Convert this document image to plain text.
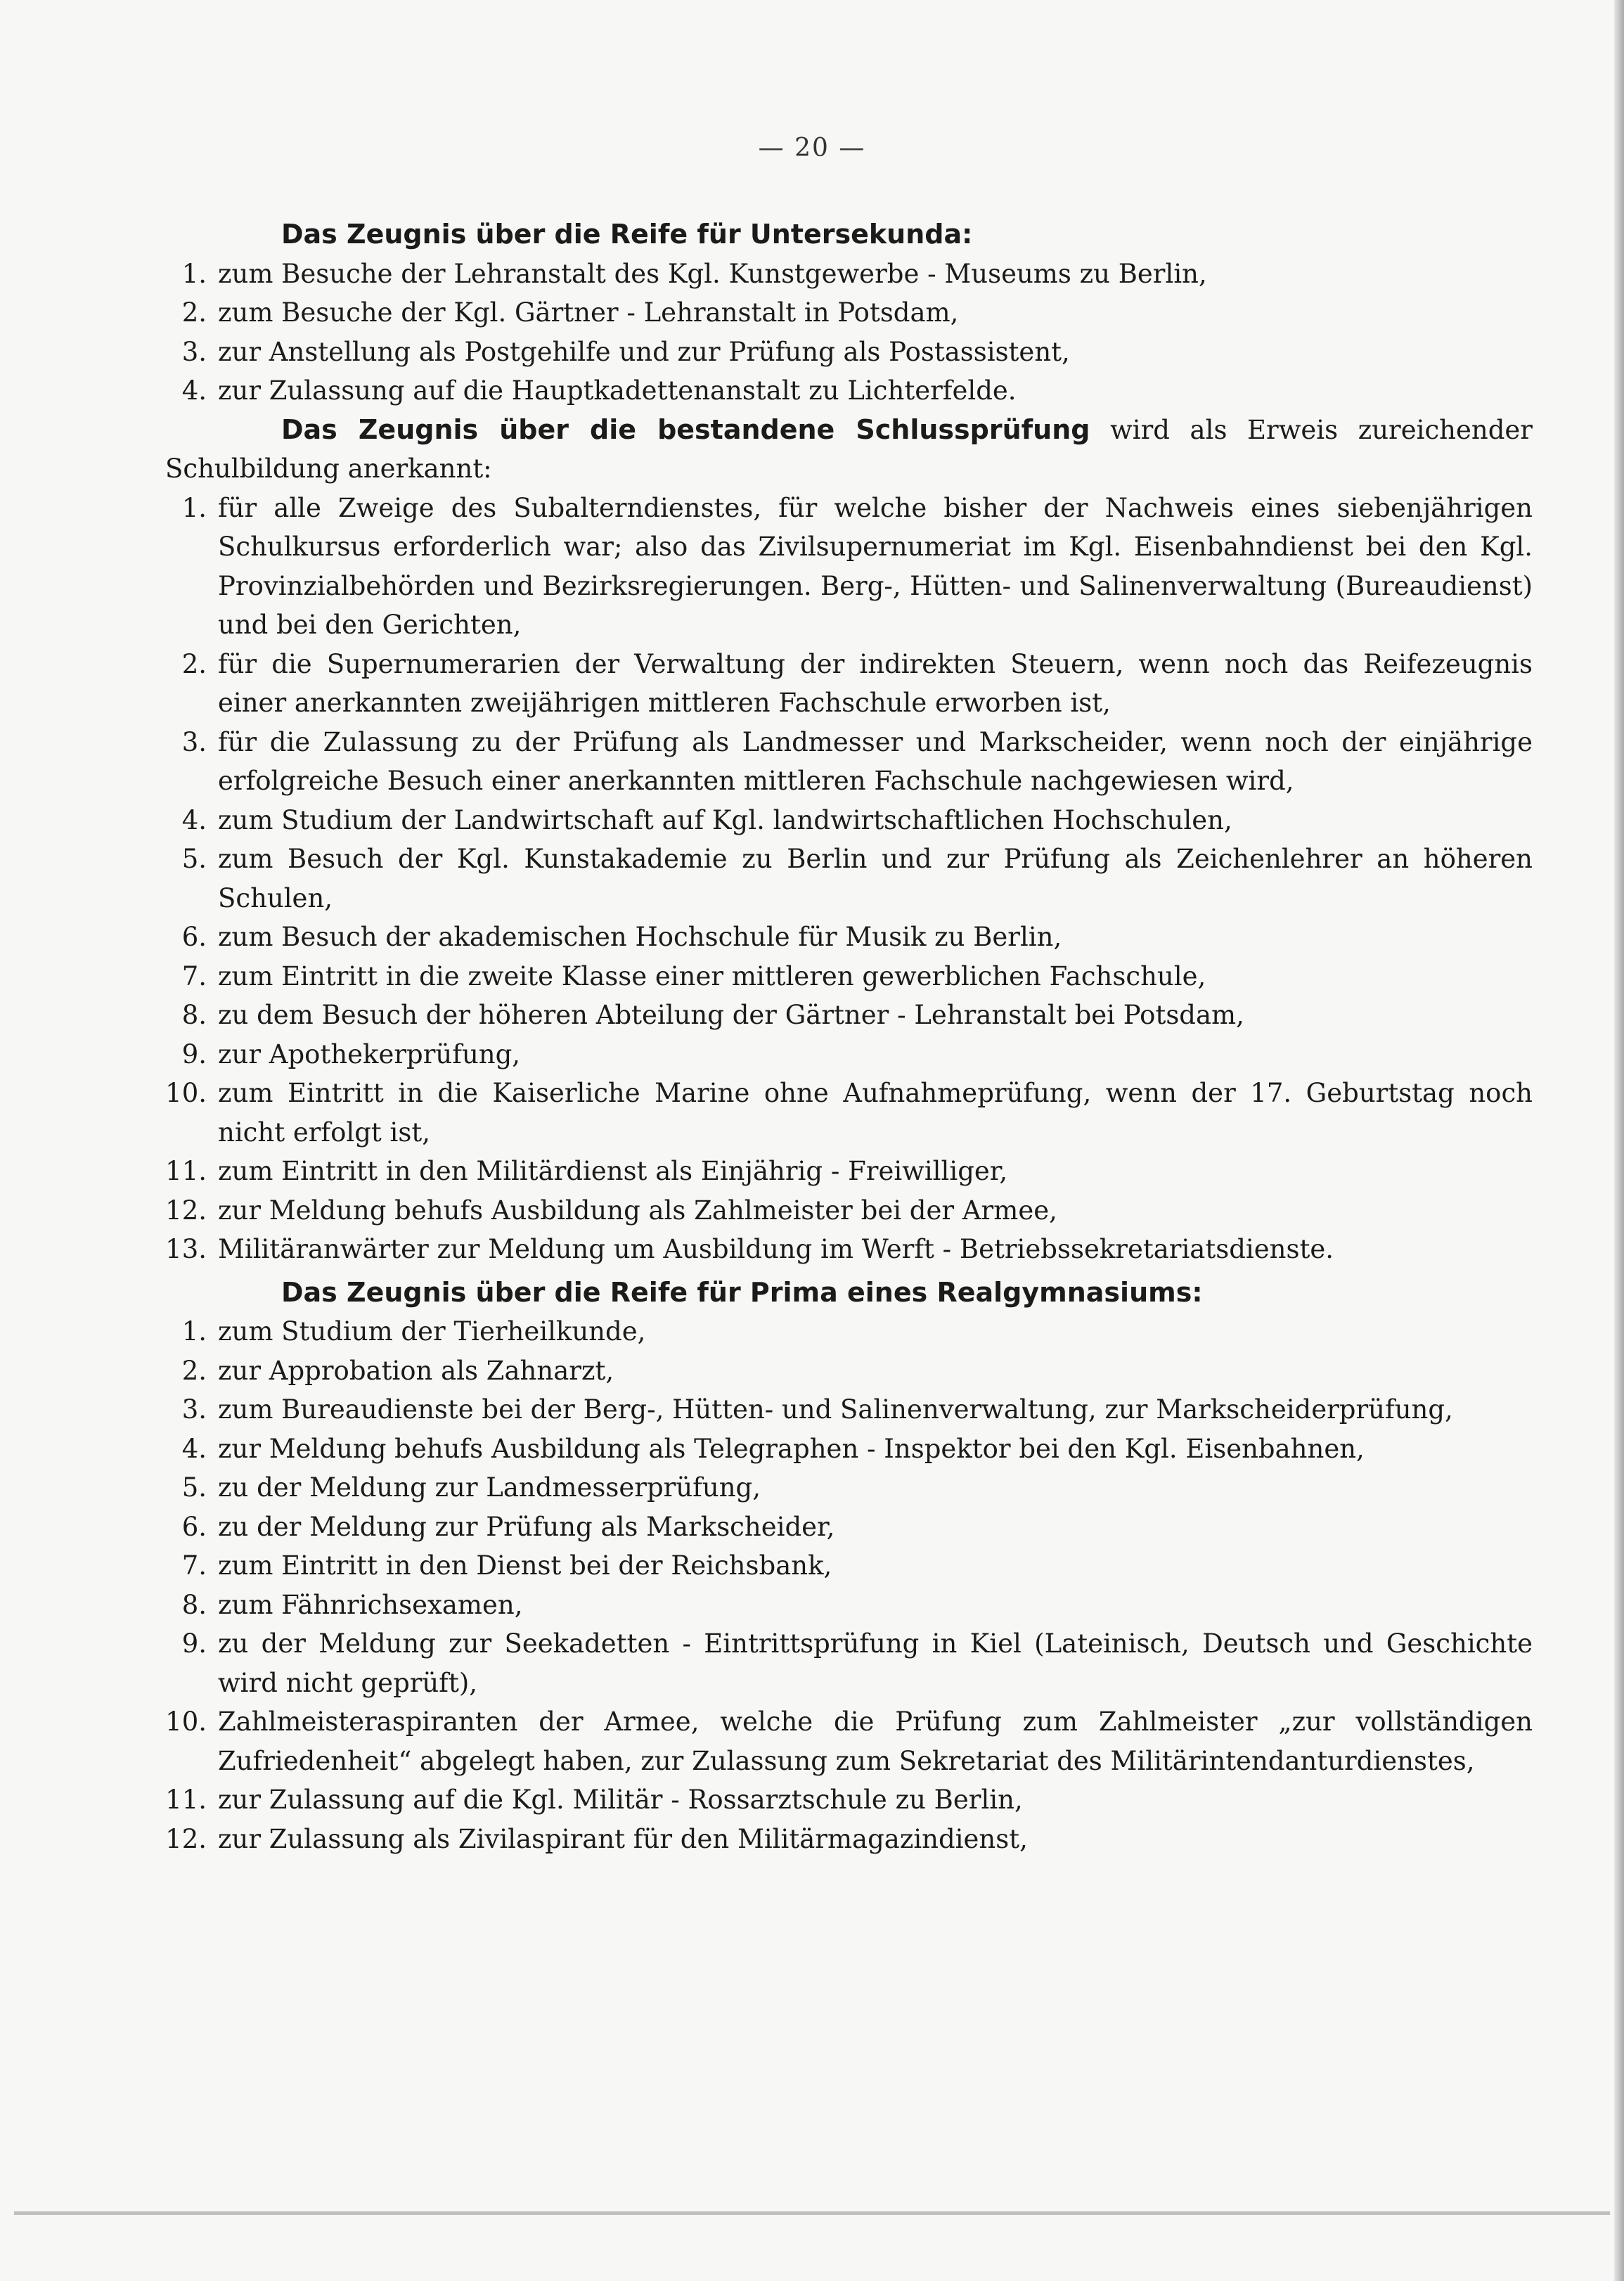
— 20 —
Das Zeugnis über die Reife für Untersekunda:
1. zum Besuche der Lehranstalt des Kgl. Kunstgewerbe - Museums zu Berlin,
2. zum Besuche der Kgl. Gärtner - Lehranstalt in Potsdam,
3. zur Anstellung als Postgehilfe und zur Prüfung als Postassistent,
4. zur Zulassung auf die Hauptkadettenanstalt zu Lichterfelde.
Das Zeugnis über die bestandene Schlussprüfung wird als Erweis zureichender Schulbildung anerkannt:
1. für alle Zweige des Subalterndienstes, für welche bisher der Nachweis eines siebenjährigen Schulkursus erforderlich war; also das Zivilsupernumeriat im Kgl. Eisenbahndienst bei den Kgl. Provinzialbehörden und Bezirksregierungen. Berg-, Hütten- und Salinenverwaltung (Bureaudienst) und bei den Gerichten,
2. für die Supernumerarien der Verwaltung der indirekten Steuern, wenn noch das Reifezeugnis einer anerkannten zweijährigen mittleren Fachschule erworben ist,
3. für die Zulassung zu der Prüfung als Landmesser und Markscheider, wenn noch der einjährige erfolgreiche Besuch einer anerkannten mittleren Fachschule nachgewiesen wird,
4. zum Studium der Landwirtschaft auf Kgl. landwirtschaftlichen Hochschulen,
5. zum Besuch der Kgl. Kunstakademie zu Berlin und zur Prüfung als Zeichenlehrer an höheren Schulen,
6. zum Besuch der akademischen Hochschule für Musik zu Berlin,
7. zum Eintritt in die zweite Klasse einer mittleren gewerblichen Fachschule,
8. zu dem Besuch der höheren Abteilung der Gärtner - Lehranstalt bei Potsdam,
9. zur Apothekerprüfung,
10. zum Eintritt in die Kaiserliche Marine ohne Aufnahmeprüfung, wenn der 17. Geburtstag noch nicht erfolgt ist,
11. zum Eintritt in den Militärdienst als Einjährig - Freiwilliger,
12. zur Meldung behufs Ausbildung als Zahlmeister bei der Armee,
13. Militäranwärter zur Meldung um Ausbildung im Werft - Betriebssekretariatsdienste.
Das Zeugnis über die Reife für Prima eines Realgymnasiums:
1. zum Studium der Tierheilkunde,
2. zur Approbation als Zahnarzt,
3. zum Bureaudienste bei der Berg-, Hütten- und Salinenverwaltung, zur Markscheiderprüfung,
4. zur Meldung behufs Ausbildung als Telegraphen - Inspektor bei den Kgl. Eisenbahnen,
5. zu der Meldung zur Landmesserprüfung,
6. zu der Meldung zur Prüfung als Markscheider,
7. zum Eintritt in den Dienst bei der Reichsbank,
8. zum Fähnrichsexamen,
9. zu der Meldung zur Seekadetten - Eintrittsprüfung in Kiel (Lateinisch, Deutsch und Geschichte wird nicht geprüft),
10. Zahlmeisteraspiranten der Armee, welche die Prüfung zum Zahlmeister „zur vollständigen Zufriedenheit“ abgelegt haben, zur Zulassung zum Sekretariat des Militärintendanturdienstes,
11. zur Zulassung auf die Kgl. Militär - Rossarztschule zu Berlin,
12. zur Zulassung als Zivilaspirant für den Militärmagazindienst,
